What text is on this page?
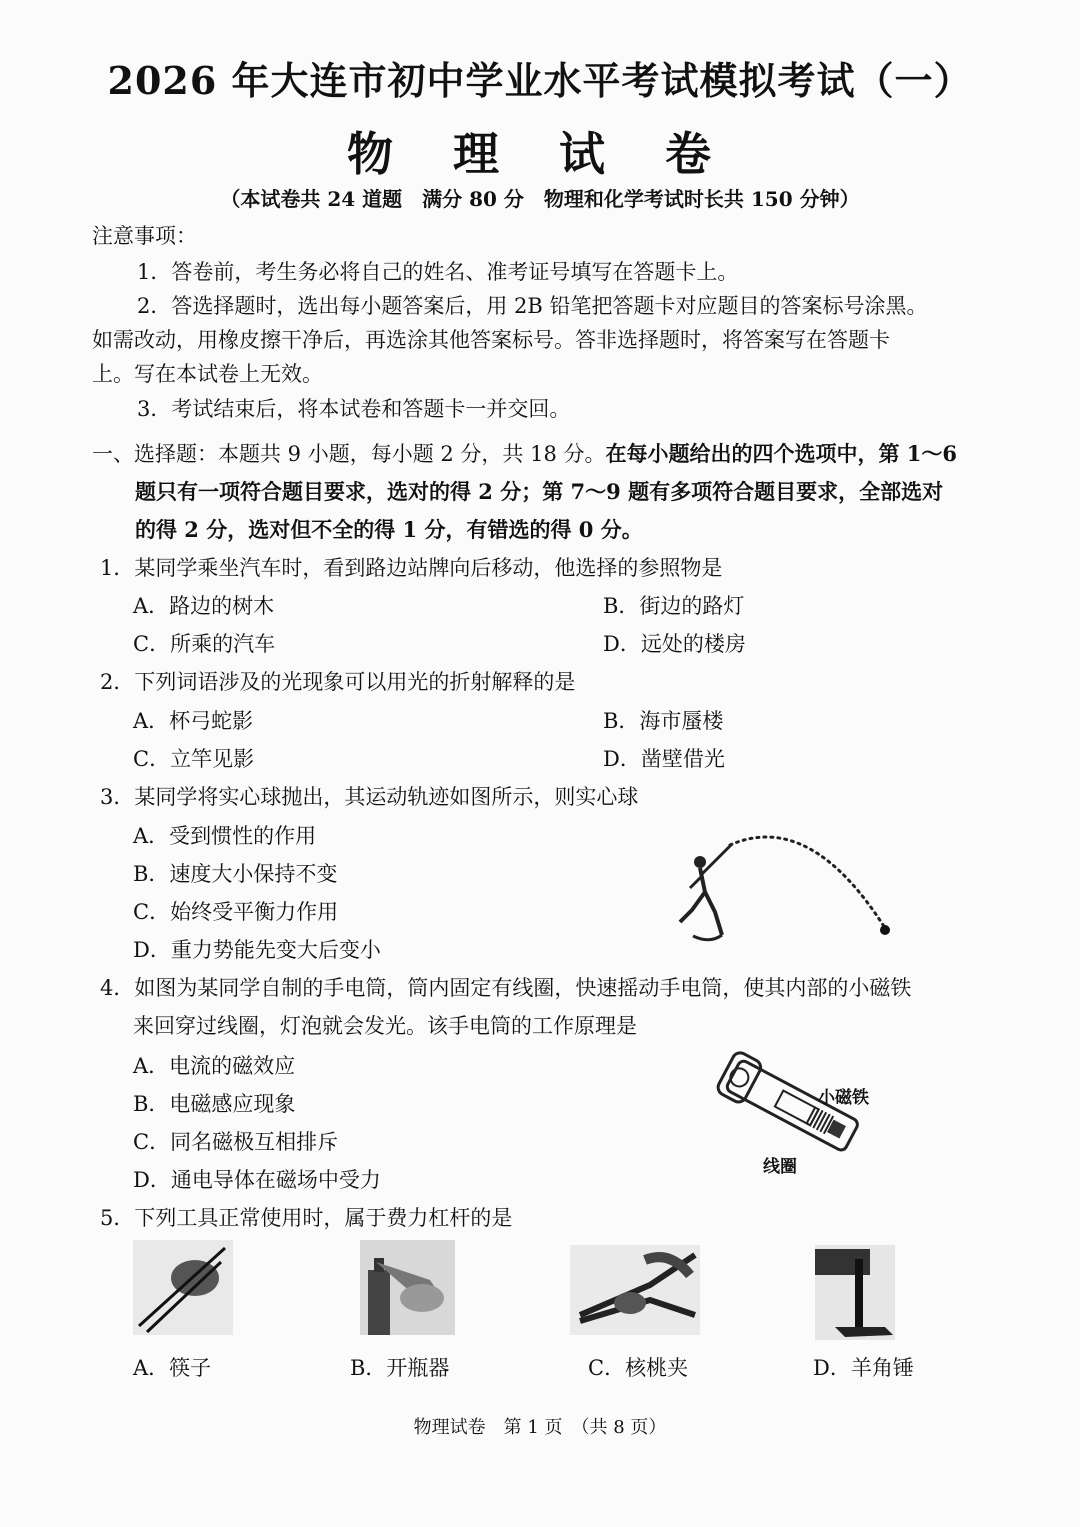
2026 年大连市初中学业水平考试模拟考试（一）
物 理 试 卷
（本试卷共 24 道题　满分 80 分　物理和化学考试时长共 150 分钟）
注意事项：
1．答卷前，考生务必将自己的姓名、准考证号填写在答题卡上。
2．答选择题时，选出每小题答案后，用 2B 铅笔把答题卡对应题目的答案标号涂黑。
如需改动，用橡皮擦干净后，再选涂其他答案标号。答非选择题时，将答案写在答题卡
上。写在本试卷上无效。
3．考试结束后，将本试卷和答题卡一并交回。
一、选择题：本题共 9 小题，每小题 2 分，共 18 分。在每小题给出的四个选项中，第 1～6
题只有一项符合题目要求，选对的得 2 分；第 7～9 题有多项符合题目要求，全部选对
的得 2 分，选对但不全的得 1 分，有错选的得 0 分。
1．某同学乘坐汽车时，看到路边站牌向后移动，他选择的参照物是
A．路边的树木	B．街边的路灯
C．所乘的汽车	D．远处的楼房
2．下列词语涉及的光现象可以用光的折射解释的是
A．杯弓蛇影	B．海市蜃楼
C．立竿见影	D．凿壁借光
3．某同学将实心球抛出，其运动轨迹如图所示，则实心球
A．受到惯性的作用
B．速度大小保持不变
C．始终受平衡力作用
D．重力势能先变大后变小
4．如图为某同学自制的手电筒，筒内固定有线圈，快速摇动手电筒，使其内部的小磁铁
来回穿过线圈，灯泡就会发光。该手电筒的工作原理是
A．电流的磁效应
B．电磁感应现象
C．同名磁极互相排斥
D．通电导体在磁场中受力
小磁铁
线圈
5．下列工具正常使用时，属于费力杠杆的是
A．筷子	B．开瓶器	C．核桃夹	D．羊角锤
物理试卷　第 1 页　（共 8 页）
